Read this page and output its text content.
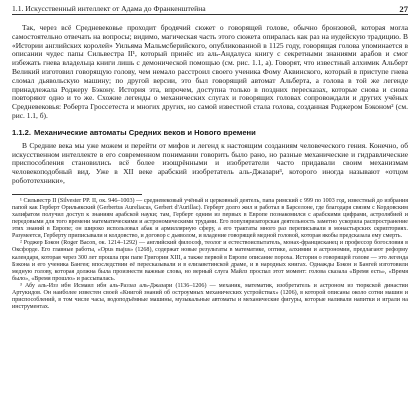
1.1. Искусственный интеллект от Адама до Франкенштейна	27

Так, через всё Средневековье проходит бродячий сюжет о говорящей голове, обычно бронзовой, которая могла самостоятельно отвечать на вопросы; видимо, магическая часть этого сюжета опиралась как раз на иудейскую традицию. В «Истории английских королей» Уильяма Мальмсберийского, опубликованной в 1125 году, говорящая голова упоминается в описании чудес папы Сильвестра II¹, который принёс из аль-Андалуса книгу с секретными знаниями арабов и смог избежать гнева владельца книги лишь с демонической помощью (см. рис. 1.1, а). Говорят, что известный алхимик Альберт Великий изготовил говорящую голову, чем немало расстроил своего ученика Фому Аквинского, который в приступе гнева сломал дьявольскую машину; по другой версии, это был говорящий автомат Альберта, а голова в той же легенде принадлежала Роджеру Бэкону. История эта, впрочем, доступна только в поздних пересказах, которые снова и снова повторяют одно и то же. Схожие легенды о механических слугах и говорящих головах сопровождали и других учёных Средневековья: Роберта Гроссетеста и многих других, но самой известной стала голова, созданная Роджером Бэконом² (см. рис. 1.1, б).

1.1.2. Механические автоматы Средних веков и Нового времени

В Средние века мы уже можем и перейти от мифов и легенд к настоящим созданиям человеческого гения. Конечно, об искусственном интеллекте в его современном понимании говорить было рано, но разные механические и гидравлические приспособления становились всё более изощрёнными и изобретатели часто придавали своим механизмам человекоподобный вид. Уже в XII веке арабский изобретатель аль-Джазари³, которого иногда называют «отцом робототехники»,

¹ Сильвестр II (Silvester PP. II, ок. 946–1003) — средневековый учёный и церковный деятель, папа римский с 999 по 1003 год, известный до избрания папой как Герберт Орильякский (Gerbertus Aureliacus, Gerbert d'Aurillac). Герберт долго жил и работал в Барселоне, где благодаря связям с Кордовским халифатом получил доступ к знаниям арабской науки; там, Герберт одним из первых в Европе познакомился с арабскими цифрами, астролябией и передовыми для того времени математическими и астрономическими трудами. Его популяризаторская деятельность заметно ускорила распространение этих знаний в Европе; он широко использовал абак и армиллярную сферу, а его трактаты много раз переписывали в монастырских скрипториях. Разумеется, Герберту приписывали и колдовство, и договор с дьяволом, и владение говорящей медной головой, которая якобы предсказала ему смерть.

² Роджер Бэкон (Roger Bacon, ок. 1214–1292) — английский философ, теолог и естествоиспытатель, монах-францисканец и профессор богословия в Оксфорде. Его главные работы, «Opus majus» (1268), содержат новые результаты в математике, оптике, алхимии и астрономии, предлагают реформу календаря, которая через 300 лет прошла при папе Григории XIII, а также первой в Европе описание пороха. История о говорящей голове — это легенда Бэкона и его ученика Бангея; впоследствии её пересказывали и в елизаветинской драме, и в народных книгах. Однажды Бэкон и Бангей изготовили медную голову, которая должна была произнести важные слова, но верный слуга Майлз проспал этот момент: голова сказала «Время есть», «Время было», «Время прошло» и рассыпалась.

³ Абу аль-Изз ибн Исмаил ибн аль-Раззаз аль-Джазари (1136–1206) — механик, математик, изобретатель и астроном из тюркской династии Артукидов. Он наиболее известен своей «Книгой знаний об остроумных механических устройствах» (1206), в которой описаны около сотни машин и приспособлений, в том числе часы, водоподъёмные машины, музыкальные автоматы и механические фигуры, которые наливали напитки и играли на инструментах.
